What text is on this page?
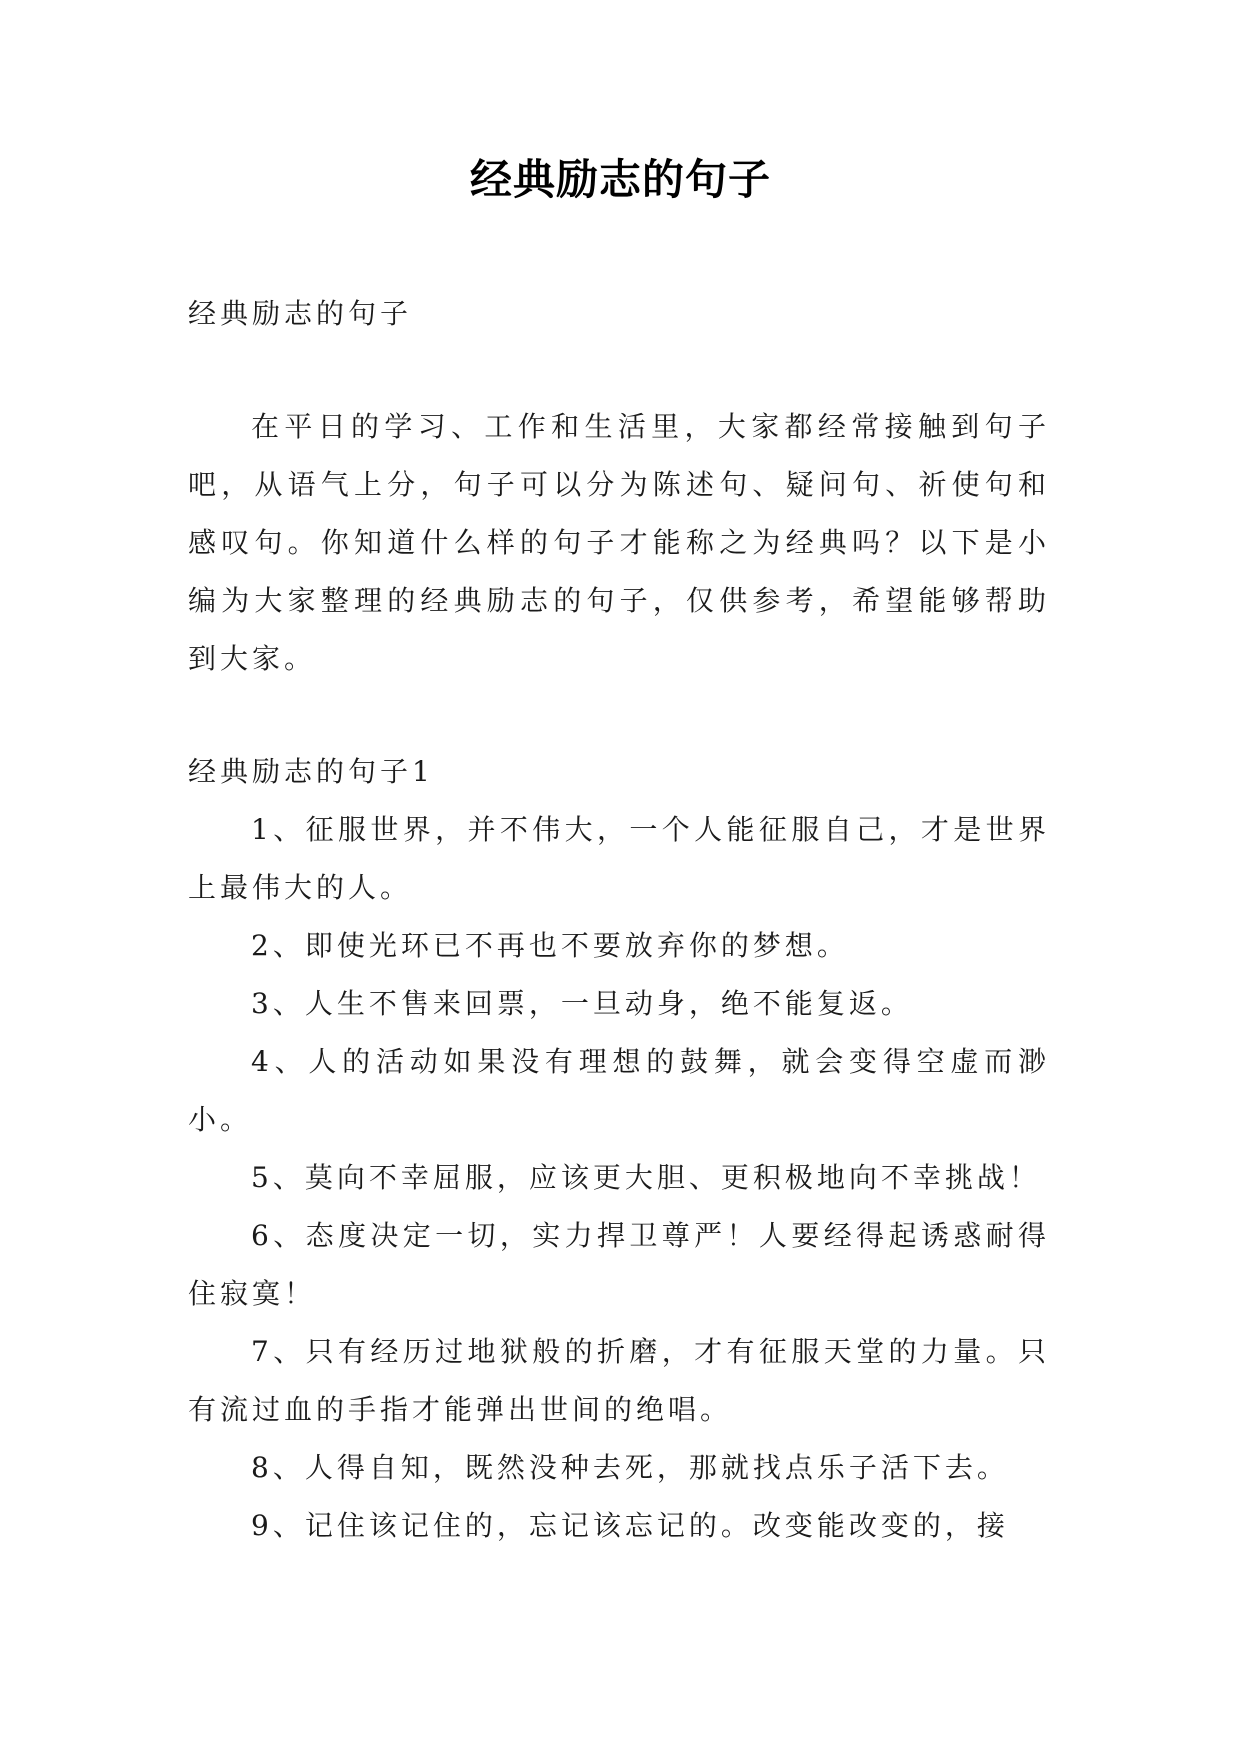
经典励志的句子

经典励志的句子

在平日的学习、工作和生活里，大家都经常接触到句子吧，从语气上分，句子可以分为陈述句、疑问句、祈使句和感叹句。你知道什么样的句子才能称之为经典吗？以下是小编为大家整理的经典励志的句子，仅供参考，希望能够帮助到大家。

经典励志的句子1

1、征服世界，并不伟大，一个人能征服自己，才是世界上最伟大的人。

2、即使光环已不再也不要放弃你的梦想。

3、人生不售来回票，一旦动身，绝不能复返。

4、人的活动如果没有理想的鼓舞，就会变得空虚而渺小。

5、莫向不幸屈服，应该更大胆、更积极地向不幸挑战！

6、态度决定一切，实力捍卫尊严！人要经得起诱惑耐得住寂寞！

7、只有经历过地狱般的折磨，才有征服天堂的力量。只有流过血的手指才能弹出世间的绝唱。

8、人得自知，既然没种去死，那就找点乐子活下去。

9、记住该记住的，忘记该忘记的。改变能改变的，接
